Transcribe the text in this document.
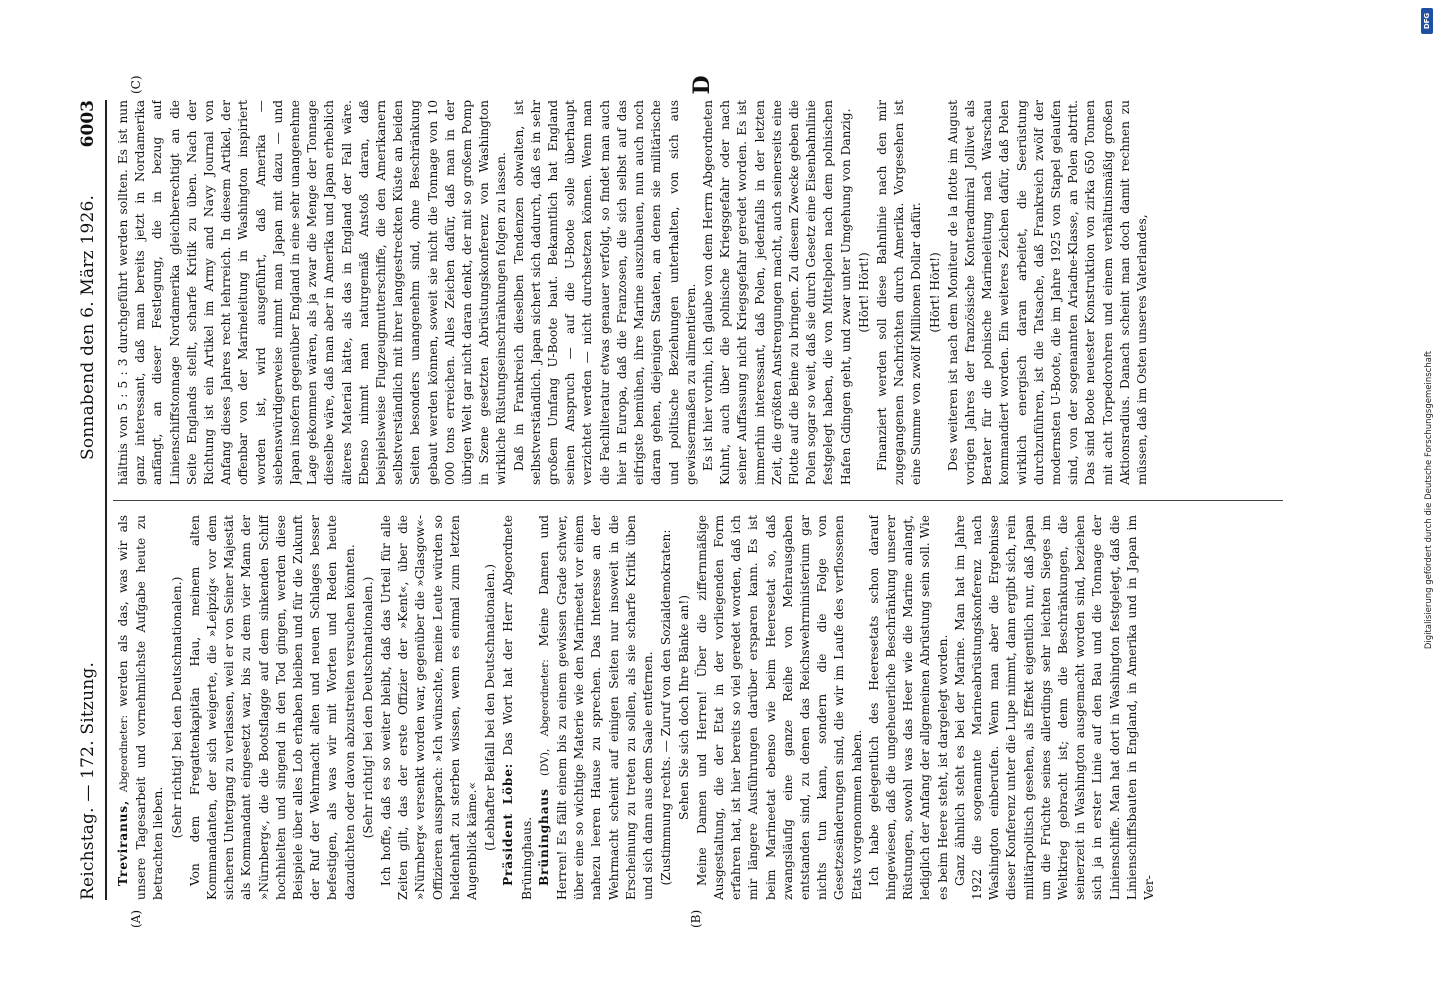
Reichstag. — 172. Sitzung.
Sonnabend den 6. März 1926.
6003
(A)	(B)
(C)	D

Treviranus, Abgeordneter: werden als das, was wir als unsere Tagesarbeit und vornehmlichste Aufgabe heute zu betrachten lieben.

(Sehr richtig! bei den Deutschnationalen.) Von dem Fregattenkapitän Hau, meinem alten Kommandanten, der sich weigerte, die »Leipzig« vor dem sicheren Untergang zu verlassen, weil er von Seiner Majestät als Kommandant eingesetzt war, bis zu dem vier Mann der »Nürnberg«, die die Bootsflagge auf dem sinkenden Schiff hochhielten und singend in den Tod gingen, werden diese Beispiele über alles Lob erhaben bleiben und für die Zukunft der Ruf der Wehrmacht alten und neuen Schlages besser befestigen, als was wir mit Worten und Reden heute dazudichten oder davon abzustreiten versuchen könnten. (Sehr richtig! bei den Deutschnationalen.) Ich hoffe, daß es so weiter bleibt, daß das Urteil für alle Zeiten gilt, das der erste Offizier der »Kent«, über die »Nürnberg« versenkt worden war, gegenüber die »Glasgow«-Offizieren aussprach: »Ich wünschte, meine Leute würden so heldenhaft zu sterben wissen, wenn es einmal zum letzten Augenblick käme.« (Lebhafter Beifall bei den Deutschnationalen.) Präsident Löbe: Das Wort hat der Herr Abgeordnete Brüninghaus. Brüninghaus (DV), Abgeordneter: Meine Damen und Herren! Es fällt einem bis zu einem gewissen Grade schwer, über eine so wichtige Materie wie den Marineetat vor einem nahezu leeren Hause zu sprechen. Das Interesse an der Wehrmacht scheint auf einigen Seiten nur insoweit in die Erscheinung zu treten zu sollen, als sie scharfe Kritik üben und sich dann aus dem Saale entfernen. (Zustimmung rechts. — Zuruf von den Sozialdemokraten: Sehen Sie sich doch Ihre Bänke an!) Meine Damen und Herren! Über die ziffernmäßige Ausgestaltung, die der Etat in der vorliegenden Form erfahren hat, ist hier bereits so viel geredet worden, daß ich mir längere Ausführungen darüber ersparen kann. Es ist beim Marineetat ebenso wie beim Heeresetat so, daß zwangsläufig eine ganze Reihe von Mehrausgaben entstanden sind, zu denen das Reichswehrministerium gar nichts tun kann, sondern die die Folge von Gesetzesänderungen sind, die wir im Laufe des verflossenen Etats vorgenommen haben. Ich habe gelegentlich des Heeresetats schon darauf hingewiesen, daß die ungeheuerliche Beschränkung unserer Rüstungen, sowohl was das Heer wie die Marine anlangt, lediglich der Anfang der allgemeinen Abrüstung sein soll. Wie es beim Heere steht, ist dargelegt worden. Ganz ähnlich steht es bei der Marine. Man hat im Jahre 1922 die sogenannte Marineabrüstungskonferenz nach Washington einberufen. Wenn man aber die Ergebnisse dieser Konferenz unter die Lupe nimmt, dann ergibt sich, rein militärpolitisch gesehen, als Effekt eigentlich nur, daß Japan um die Früchte seines allerdings sehr leichten Sieges im Weltkrieg gebracht ist; denn die Beschränkungen, die seinerzeit in Washington ausgemacht worden sind, beziehen sich ja in erster Linie auf den Bau und die Tonnage der Linienschiffe. Man hat dort in Washington festgelegt, daß die Linienschiffsbauten in England, in Amerika und in Japan im Ver-

hältnis von 5 : 5 : 3 durchgeführt werden sollten. Es ist nun ganz interessant, daß man bereits jetzt in Nordamerika anfängt, an dieser Festlegung, die in bezug auf Linienschiffstonnage Nordamerika gleichberechtigt an die Seite Englands stellt, scharfe Kritik zu üben. Nach der Richtung ist ein Artikel im Army and Navy Journal von Anfang dieses Jahres recht lehrreich. In diesem Artikel, der offenbar von der Marineleitung in Washington inspiriert worden ist, wird ausgeführt, daß Amerika — siebenswürdigerweise nimmt man Japan mit dazu — und Japan insofern gegenüber England in eine sehr unangenehme Lage gekommen wären, als ja zwar die Menge der Tonnage dieselbe wäre, daß man aber in Amerika und Japan erheblich älteres Material hätte, als das in England der Fall wäre. Ebenso nimmt man naturgemäß Anstoß daran, daß beispielsweise Flugzeugmutterschiffe, die den Amerikanern selbstverständlich mit ihrer langgestreckten Küste an beiden Seiten besonders unangenehm sind, ohne Beschränkung gebaut werden können, soweit sie nicht die Tonnage von 10 000 tons erreichen. Alles Zeichen dafür, daß man in der übrigen Welt gar nicht daran denkt, der mit so großem Pomp in Szene gesetzten Abrüstungskonferenz von Washington wirkliche Rüstungseinschränkungen folgen zu lassen. Daß in Frankreich dieselben Tendenzen obwalten, ist selbstverständlich. Japan sichert sich dadurch, daß es in sehr großem Umfang U-Boote baut. Bekanntlich hat England seinen Anspruch — auf die U-Boote solle überhaupt verzichtet werden — nicht durchsetzen können. Wenn man die Fachliteratur etwas genauer verfolgt, so findet man auch hier in Europa, daß die Franzosen, die sich selbst auf das eifrigste bemühen, ihre Marine auszubauen, nun auch noch daran gehen, diejenigen Staaten, an denen sie militärische und politische Beziehungen unterhalten, von sich aus gewissermaßen zu alimentieren. Es ist hier vorhin, ich glaube von dem Herrn Abgeordneten Kuhnt, auch über die polnische Kriegsgefahr oder nach seiner Auffassung nicht Kriegsgefahr geredet worden. Es ist immerhin interessant, daß Polen, jedenfalls in der letzten Zeit, die größten Anstrengungen macht, auch seinerseits eine Flotte auf die Beine zu bringen. Zu diesem Zwecke geben die Polen sogar so weit, daß sie durch Gesetz eine Eisenbahnlinie festgelegt haben, die von Mittelpolen nach dem polnischen Hafen Gdingen geht, und zwar unter Umgehung von Danzig. (Hört! Hört!) Finanziert werden soll diese Bahnlinie nach den mir zugegangenen Nachrichten durch Amerika. Vorgesehen ist eine Summe von zwölf Millionen Dollar dafür. (Hört! Hört!) Des weiteren ist nach dem Moniteur de la flotte im August vorigen Jahres der französische Konteradmiral Jollivet als Berater für die polnische Marineleitung nach Warschau kommandiert worden. Ein weiteres Zeichen dafür, daß Polen wirklich energisch daran arbeitet, die Seerüstung durchzuführen, ist die Tatsache, daß Frankreich zwölf der modernsten U-Boote, die im Jahre 1925 von Stapel gelaufen sind, von der sogenannten Ariadne-Klasse, an Polen abtritt. Das sind Boote neuester Konstruktion von zirka 650 Tonnen mit acht Torpedorohren und einem verhältnismäßig großen Aktionsradius. Danach scheint man doch damit rechnen zu müssen, daß im Osten unseres Vaterlandes,

DFG
Digitalisierung gefördert durch die Deutsche Forschungsgemeinschaft
